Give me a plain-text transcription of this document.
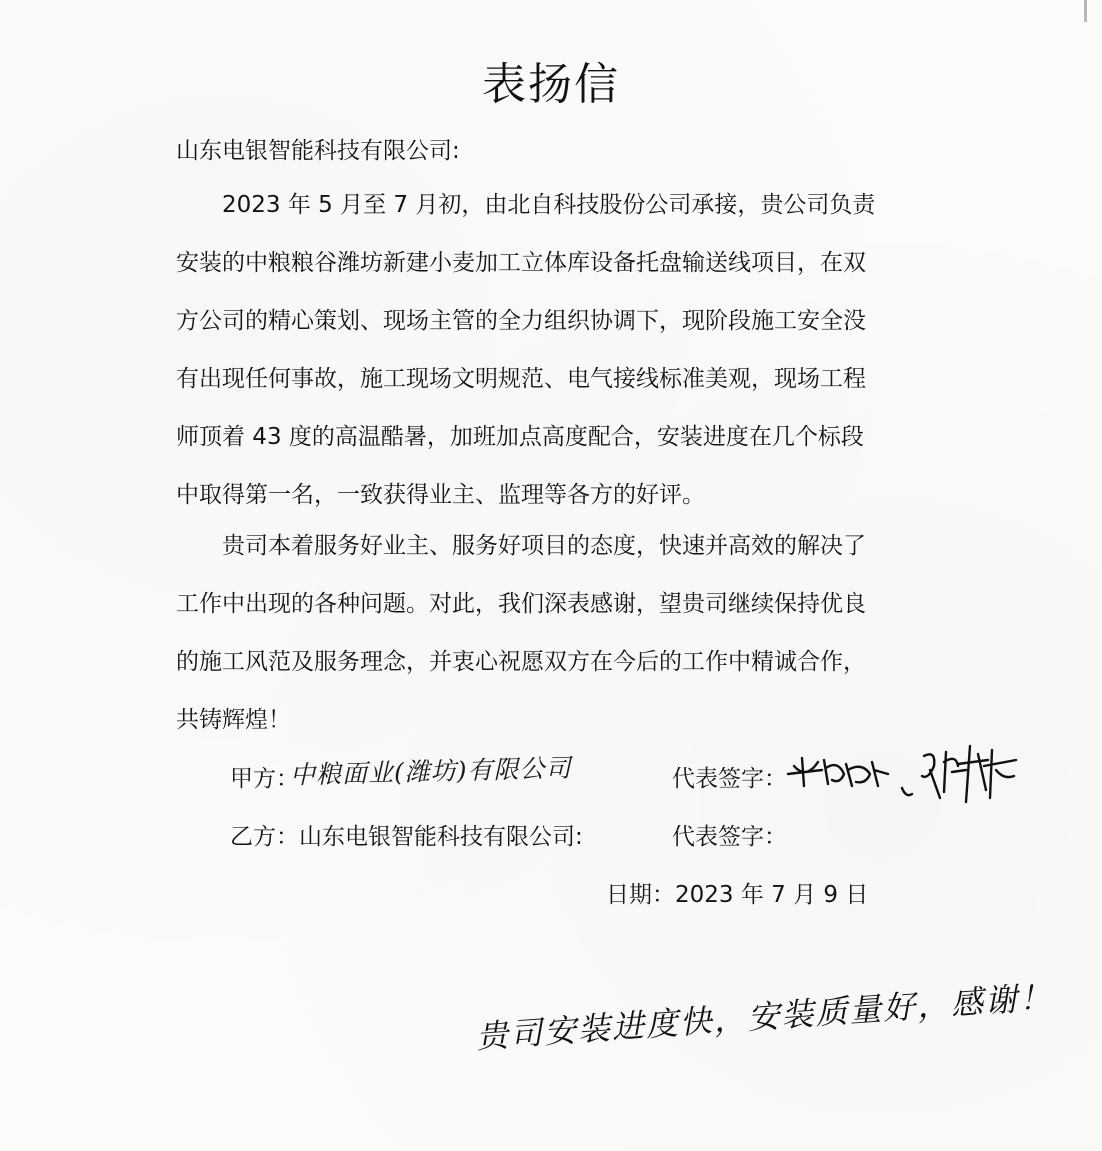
表扬信
山东电银智能科技有限公司:
2023 年 5 月至 7 月初，由北自科技股份公司承接，贵公司负责
安装的中粮粮谷潍坊新建小麦加工立体库设备托盘输送线项目，在双
方公司的精心策划、现场主管的全力组织协调下，现阶段施工安全没
有出现任何事故，施工现场文明规范、电气接线标准美观，现场工程
师顶着 43 度的高温酷暑，加班加点高度配合，安装进度在几个标段
中取得第一名，一致获得业主、监理等各方的好评。
贵司本着服务好业主、服务好项目的态度，快速并高效的解决了
工作中出现的各种问题。对此，我们深表感谢，望贵司继续保持优良
的施工风范及服务理念，并衷心祝愿双方在今后的工作中精诚合作，
共铸辉煌！
甲方：
中粮面业(潍坊)有限公司	代表签字：
乙方：山东电银智能科技有限公司:	代表签字：
日期：2023 年 7 月 9 日
贵司安装进度快，安装质量好，感谢！
